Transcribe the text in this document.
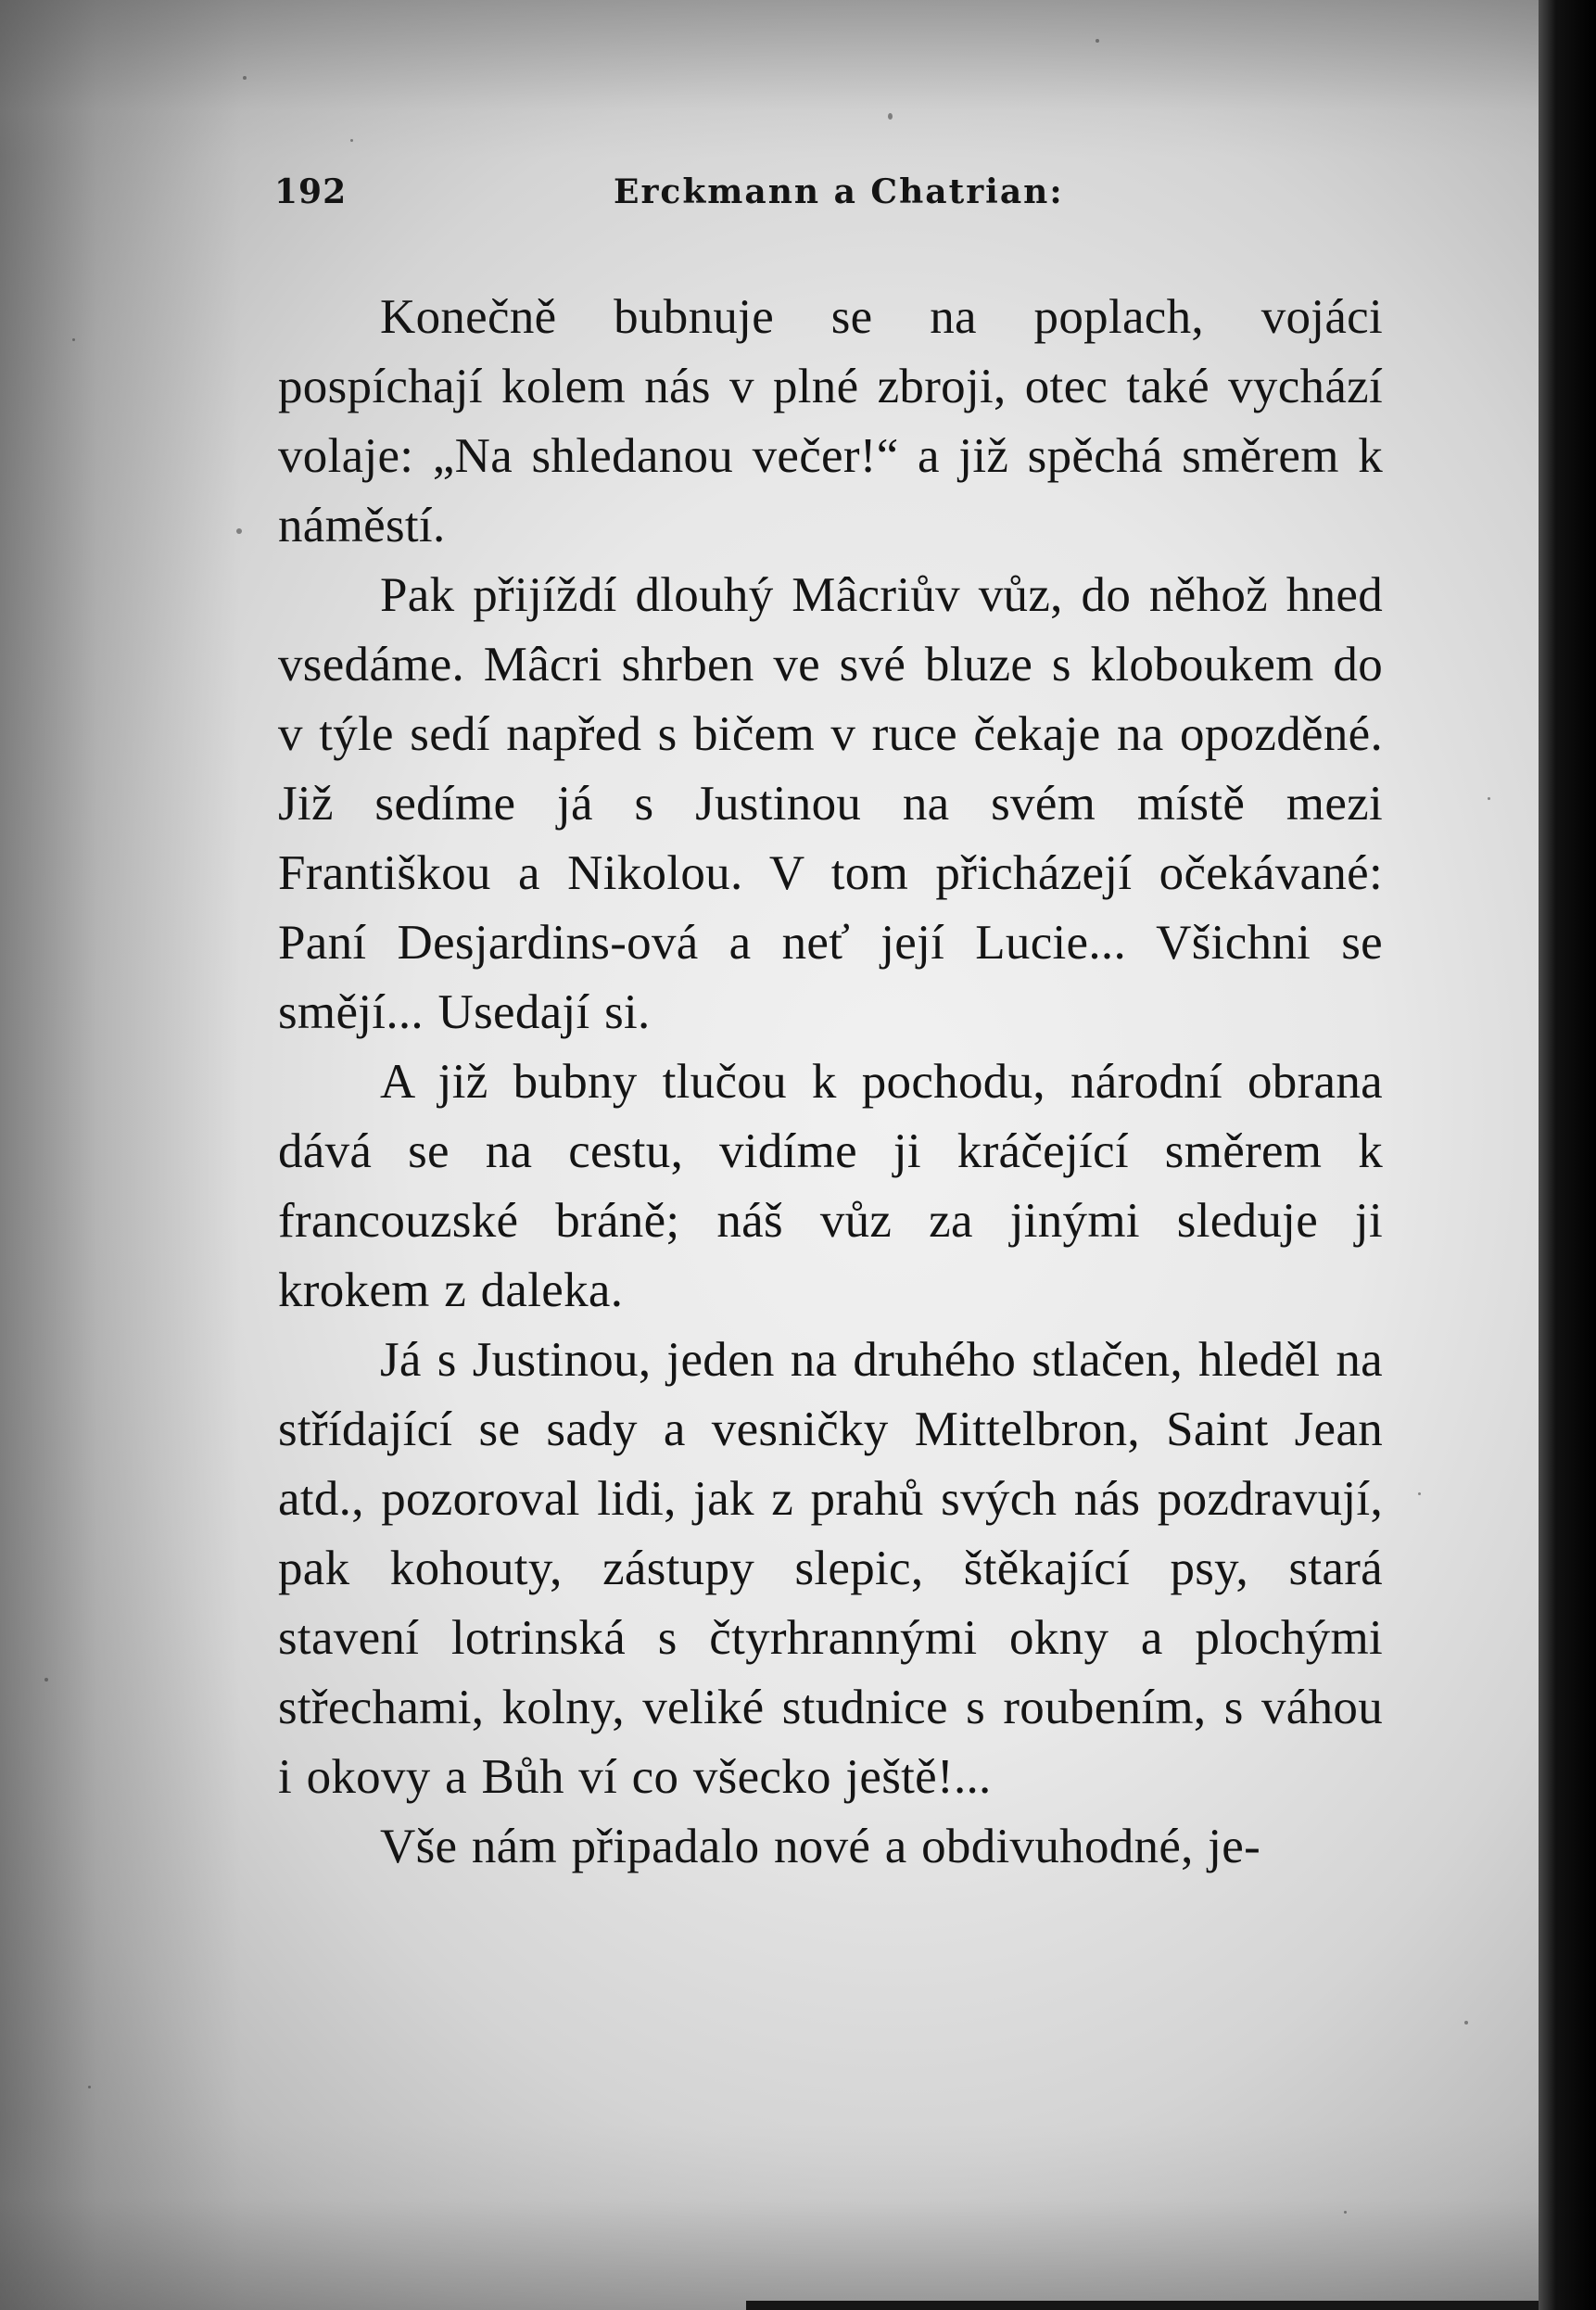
192	Erckmann a Chatrian:

Konečně bubnuje se na poplach, vojáci pospíchají kolem nás v plné zbroji, otec také vychází volaje: „Na shledanou večer!“ a již spěchá směrem k náměstí.

Pak přijíždí dlouhý Mâcriův vůz, do něhož hned vsedáme. Mâcri shrben ve své bluze s kloboukem do v týle sedí napřed s bičem v ruce čekaje na opozděné. Již sedíme já s Justinou na svém místě mezi Františkou a Nikolou. V tom přicházejí očekávané: Paní Desjardins-ová a neť její Lucie... Všichni se smějí... Usedají si.

A již bubny tlučou k pochodu, národní obrana dává se na cestu, vidíme ji kráčející směrem k francouzské bráně; náš vůz za jinými sleduje ji krokem z daleka.

Já s Justinou, jeden na druhého stlačen, hleděl na střídající se sady a vesničky Mittelbron, Saint Jean atd., pozoroval lidi, jak z prahů svých nás pozdravují, pak kohouty, zástupy slepic, štěkající psy, stará stavení lotrinská s čtyrhrannými okny a plochými střechami, kolny, veliké studnice s roubením, s váhou i okovy a Bůh ví co všecko ještě!...

Vše nám připadalo nové a obdivuhodné, je-
